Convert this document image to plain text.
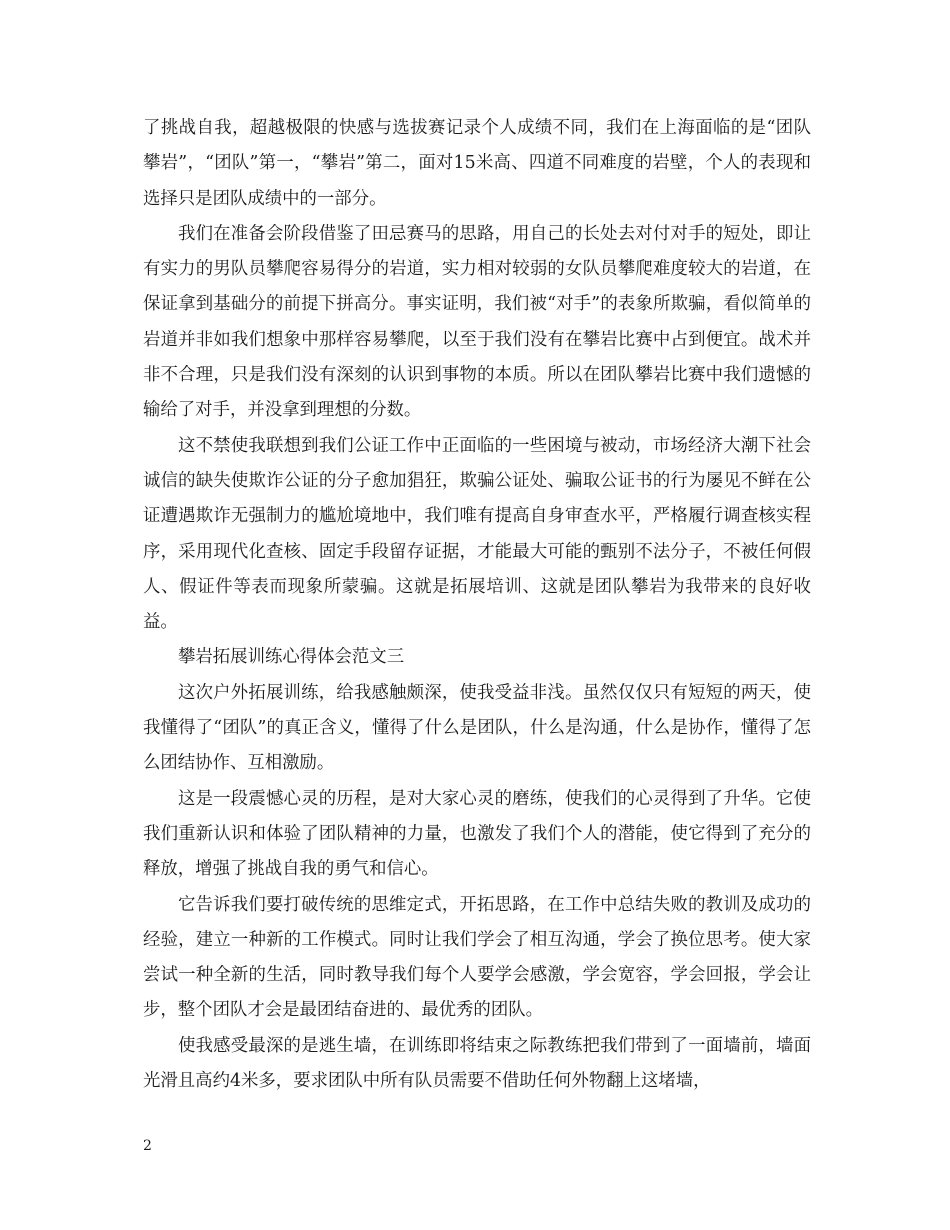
了挑战自我，超越极限的快感与选拔赛记录个人成绩不同，我们在上海面临的是“团队攀岩”，“团队”第一，“攀岩”第二，面对15米高、四道不同难度的岩壁，个人的表现和选择只是团队成绩中的一部分。

我们在准备会阶段借鉴了田忌赛马的思路，用自己的长处去对付对手的短处，即让有实力的男队员攀爬容易得分的岩道，实力相对较弱的女队员攀爬难度较大的岩道，在保证拿到基础分的前提下拼高分。事实证明，我们被“对手”的表象所欺骗，看似简单的岩道并非如我们想象中那样容易攀爬，以至于我们没有在攀岩比赛中占到便宜。战术并非不合理，只是我们没有深刻的认识到事物的本质。所以在团队攀岩比赛中我们遗憾的输给了对手，并没拿到理想的分数。

这不禁使我联想到我们公证工作中正面临的一些困境与被动，市场经济大潮下社会诚信的缺失使欺诈公证的分子愈加猖狂，欺骗公证处、骗取公证书的行为屡见不鲜在公证遭遇欺诈无强制力的尴尬境地中，我们唯有提高自身审查水平，严格履行调查核实程序，采用现代化查核、固定手段留存证据，才能最大可能的甄别不法分子，不被任何假人、假证件等表而现象所蒙骗。这就是拓展培训、这就是团队攀岩为我带来的良好收益。

攀岩拓展训练心得体会范文三

这次户外拓展训练，给我感触颇深，使我受益非浅。虽然仅仅只有短短的两天，使我懂得了“团队”的真正含义，懂得了什么是团队，什么是沟通，什么是协作，懂得了怎么团结协作、互相激励。

这是一段震憾心灵的历程，是对大家心灵的磨练，使我们的心灵得到了升华。它使我们重新认识和体验了团队精神的力量，也激发了我们个人的潜能，使它得到了充分的释放，增强了挑战自我的勇气和信心。

它告诉我们要打破传统的思维定式，开拓思路，在工作中总结失败的教训及成功的经验，建立一种新的工作模式。同时让我们学会了相互沟通，学会了换位思考。使大家尝试一种全新的生活，同时教导我们每个人要学会感激，学会宽容，学会回报，学会让步，整个团队才会是最团结奋进的、最优秀的团队。

使我感受最深的是逃生墙，在训练即将结束之际教练把我们带到了一面墙前，墙面光滑且高约4米多，要求团队中所有队员需要不借助任何外物翻上这堵墙，

2
